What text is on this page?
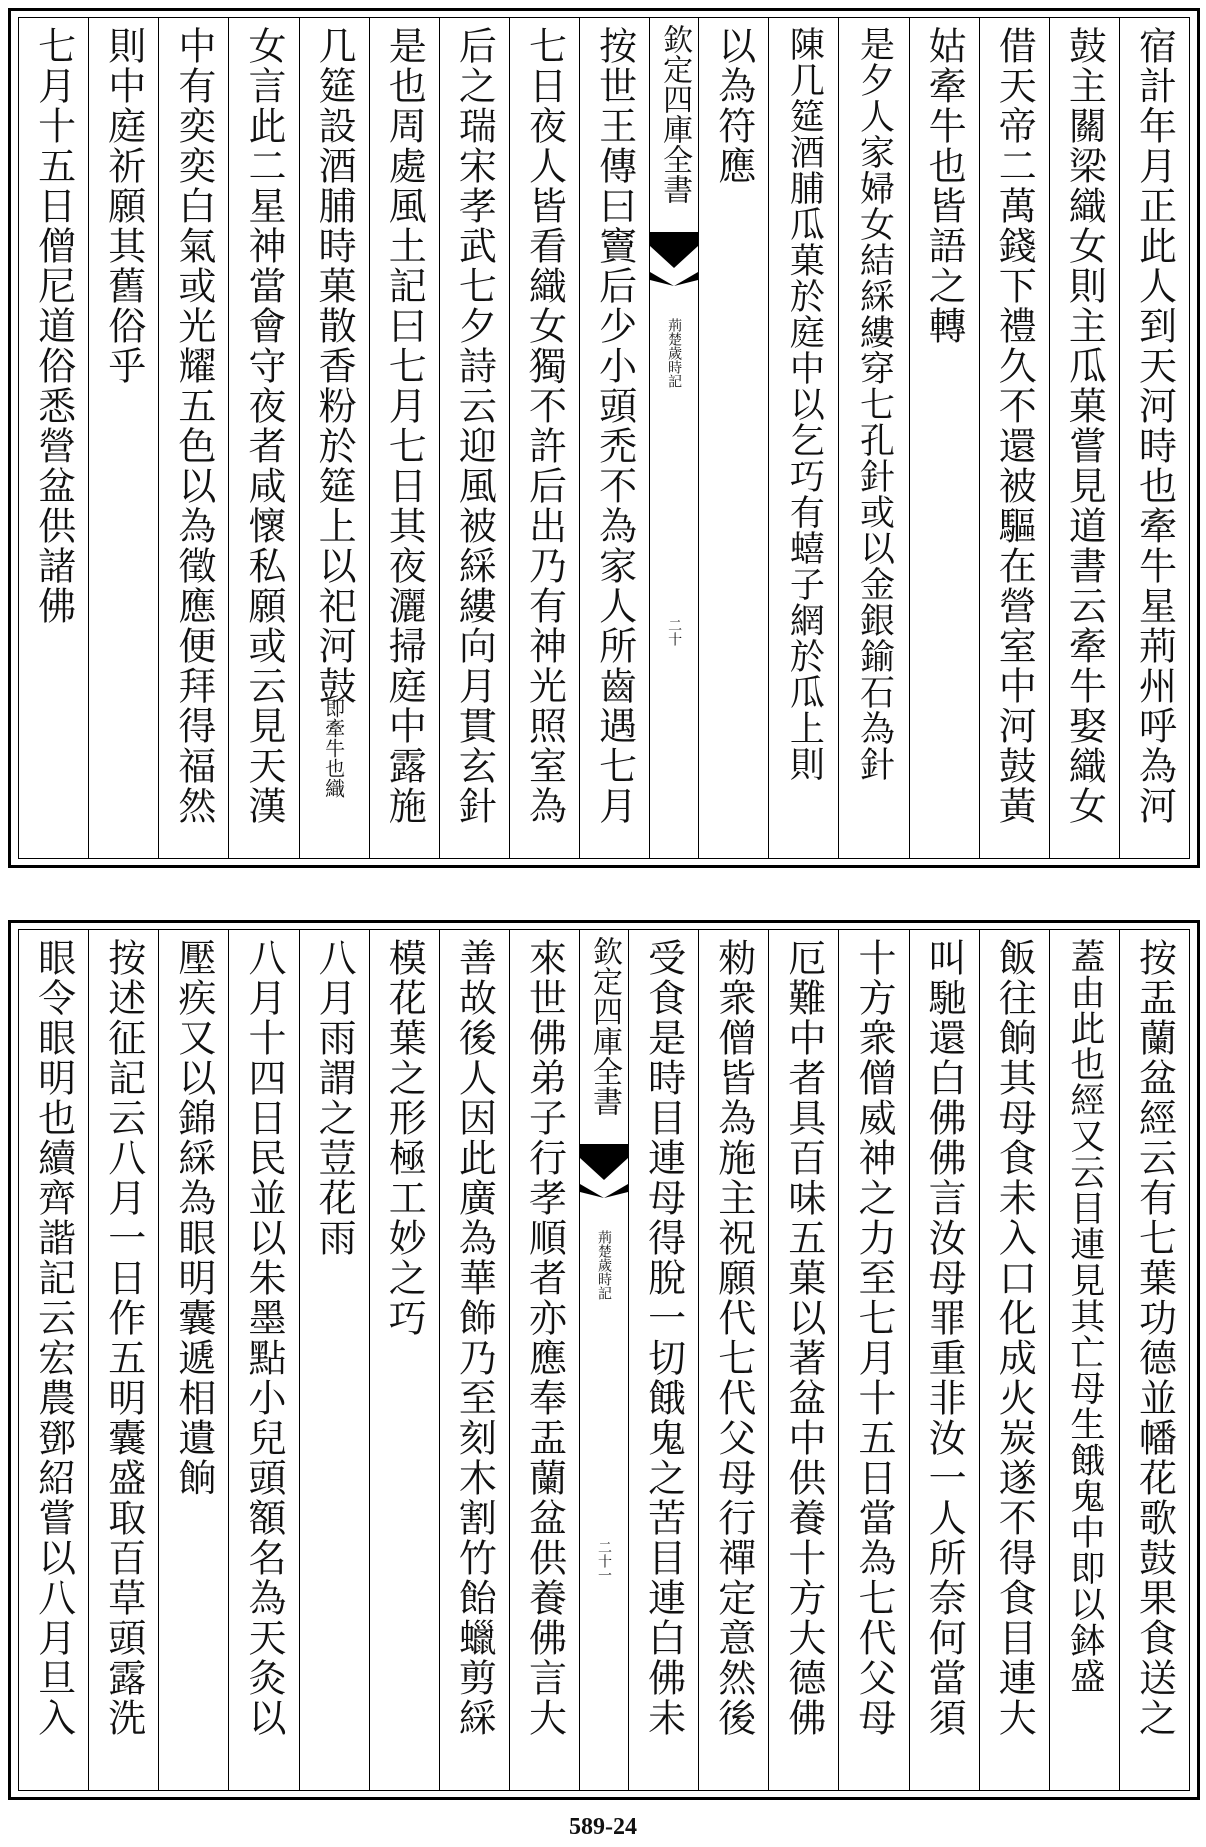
宿計年月正此人到天河時也牽牛星荊州呼為河
鼓主關梁織女則主瓜菓嘗見道書云牽牛娶織女
借天帝二萬錢下禮久不還被驅在營室中河鼓黃
姑牽牛也皆語之轉
是夕人家婦女結綵縷穿七孔針或以金銀鍮石為針
陳几筵酒脯瓜菓於庭中以乞巧有蟢子網於瓜上則
以為符應
欽定四庫全書
荊楚歲時記
二十
按世王傳曰竇后少小頭禿不為家人所齒遇七月
七日夜人皆看織女獨不許后出乃有神光照室為
后之瑞宋孝武七夕詩云迎風被綵縷向月貫玄針
是也周處風土記曰七月七日其夜灑掃庭中露施
几筵設酒脯時菓散香粉於筵上以祀河鼓
即牽牛也織
女言此二星神當會守夜者咸懷私願或云見天漢
中有奕奕白氣或光耀五色以為徵應便拜得福然
則中庭祈願其舊俗乎
七月十五日僧尼道俗悉營盆供諸佛
按盂蘭盆經云有七葉功德並幡花歌鼓果食送之
蓋由此也經又云目連見其亡母生餓鬼中即以鉢盛
飯往餉其母食未入口化成火炭遂不得食目連大
叫馳還白佛佛言汝母罪重非汝一人所奈何當須
十方衆僧威神之力至七月十五日當為七代父母
厄難中者具百味五菓以著盆中供養十方大德佛
勑衆僧皆為施主祝願代七代父母行禪定意然後
受食是時目連母得脫一切餓鬼之苦目連白佛未
欽定四庫全書
荊楚歲時記
二十一
來世佛弟子行孝順者亦應奉盂蘭盆供養佛言大
善故後人因此廣為華飾乃至刻木割竹飴蠟剪綵
模花葉之形極工妙之巧
八月雨謂之荳花雨
八月十四日民並以朱墨點小兒頭額名為天灸以
壓疾又以錦綵為眼明囊遞相遺餉
按述征記云八月一日作五明囊盛取百草頭露洗
眼令眼明也續齊諧記云宏農鄧紹嘗以八月旦入
589-24
